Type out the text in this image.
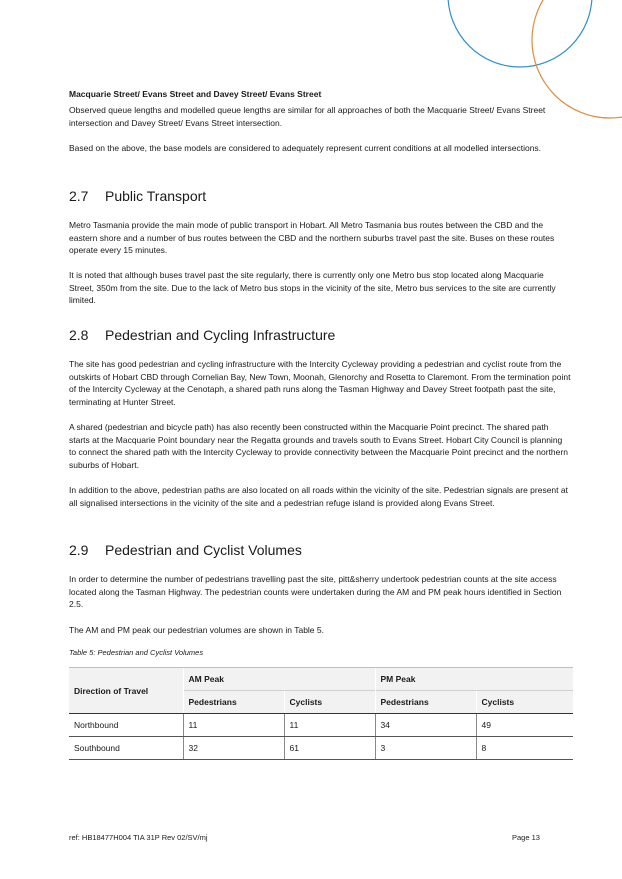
Macquarie Street/ Evans Street and Davey Street/ Evans Street
Observed queue lengths and modelled queue lengths are similar for all approaches of both the Macquarie Street/ Evans Street intersection and Davey Street/ Evans Street intersection.
Based on the above, the base models are considered to adequately represent current conditions at all modelled intersections.
2.7 Public Transport
Metro Tasmania provide the main mode of public transport in Hobart. All Metro Tasmania bus routes between the CBD and the eastern shore and a number of bus routes between the CBD and the northern suburbs travel past the site. Buses on these routes operate every 15 minutes.
It is noted that although buses travel past the site regularly, there is currently only one Metro bus stop located along Macquarie Street, 350m from the site. Due to the lack of Metro bus stops in the vicinity of the site, Metro bus services to the site are currently limited.
2.8 Pedestrian and Cycling Infrastructure
The site has good pedestrian and cycling infrastructure with the Intercity Cycleway providing a pedestrian and cyclist route from the outskirts of Hobart CBD through Cornelian Bay, New Town, Moonah, Glenorchy and Rosetta to Claremont. From the termination point of the Intercity Cycleway at the Cenotaph, a shared path runs along the Tasman Highway and Davey Street footpath past the site, terminating at Hunter Street.
A shared (pedestrian and bicycle path) has also recently been constructed within the Macquarie Point precinct. The shared path starts at the Macquarie Point boundary near the Regatta grounds and travels south to Evans Street. Hobart City Council is planning to connect the shared path with the Intercity Cycleway to provide connectivity between the Macquarie Point precinct and the northern suburbs of Hobart.
In addition to the above, pedestrian paths are also located on all roads within the vicinity of the site. Pedestrian signals are present at all signalised intersections in the vicinity of the site and a pedestrian refuge island is provided along Evans Street.
2.9 Pedestrian and Cyclist Volumes
In order to determine the number of pedestrians travelling past the site, pitt&sherry undertook pedestrian counts at the site access located along the Tasman Highway. The pedestrian counts were undertaken during the AM and PM peak hours identified in Section 2.5.
The AM and PM peak our pedestrian volumes are shown in Table 5.
Table 5: Pedestrian and Cyclist Volumes
Direction of Travel	AM Peak		PM Peak	
	Pedestrians	Cyclists	Pedestrians	Cyclists
Northbound	11	11	34	49
Southbound	32	61	3	8
ref: HB18477H004 TIA 31P Rev 02/SV/mj	Page 13
